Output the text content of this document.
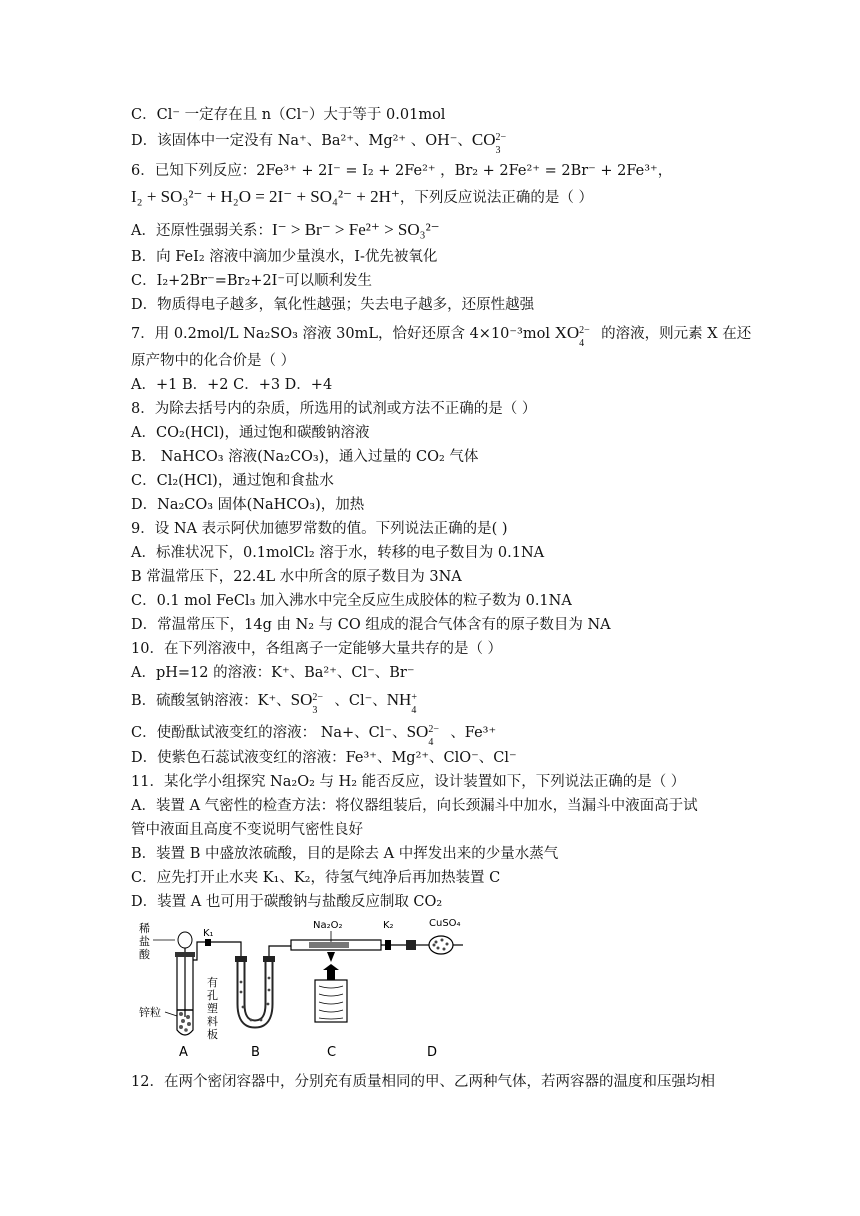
C．Cl⁻ 一定存在且 n（Cl⁻）大于等于 0.01mol
D．该固体中一定没有 Na⁺、Ba²⁺、Mg²⁺ 、OH⁻、CO 2−
3
6．已知下列反应：2Fe³⁺ + 2I⁻ = I₂ + 2Fe²⁺ ，Br₂ + 2Fe²⁺ = 2Br⁻ + 2Fe³⁺，
I₂ + SO₃²⁻ + H₂O = 2I⁻ + SO₄²⁻ + 2H⁺，下列反应说法正确的是（ ）
A．还原性强弱关系：I⁻ > Br⁻ > Fe²⁺ > SO₃²⁻
B．向 FeI₂ 溶液中滴加少量溴水，I-优先被氧化
C．I₂+2Br⁻=Br₂+2I⁻可以顺利发生
D．物质得电子越多，氧化性越强；失去电子越多，还原性越强
7．用 0.2mol/L Na₂SO₃ 溶液 30mL，恰好还原含 4×10⁻³mol XO 2−
4
的溶液，则元素 X 在还
原产物中的化合价是（ ）
A．+1 B．+2 C．+3 D．+4
8．为除去括号内的杂质，所选用的试剂或方法不正确的是（ ）
A．CO₂(HCl)，通过饱和碳酸钠溶液
B． NaHCO₃ 溶液(Na₂CO₃)，通入过量的 CO₂ 气体
C．Cl₂(HCl)，通过饱和食盐水
D．Na₂CO₃ 固体(NaHCO₃)，加热
9．设 NA 表示阿伏加德罗常数的值。下列说法正确的是( )
A．标准状况下，0.1molCl₂ 溶于水，转移的电子数目为 0.1NA
B 常温常压下，22.4L 水中所含的原子数目为 3NA
C．0.1 mol FeCl₃ 加入沸水中完全反应生成胶体的粒子数为 0.1NA
D．常温常压下，14g 由 N₂ 与 CO 组成的混合气体含有的原子数目为 NA
10．在下列溶液中，各组离子一定能够大量共存的是（ ）
A．pH=12 的溶液：K⁺、Ba²⁺、Cl⁻、Br⁻
B．硫酸氢钠溶液：K⁺、SO 2−
3
、Cl⁻、NH +
4
C．使酚酞试液变红的溶液： Na+、Cl⁻、SO 2−
4
、Fe³⁺
D．使紫色石蕊试液变红的溶液：Fe³⁺、Mg²⁺、ClO⁻、Cl⁻
11．某化学小组探究 Na₂O₂ 与 H₂ 能否反应，设计装置如下，下列说法正确的是（ ）
A．装置 A 气密性的检查方法：将仪器组装后，向长颈漏斗中加水，当漏斗中液面高于试
管中液面且高度不变说明气密性良好
B．装置 B 中盛放浓硫酸，目的是除去 A 中挥发出来的少量水蒸气
C．应先打开止水夹 K₁、K₂，待氢气纯净后再加热装置 C
D．装置 A 也可用于碳酸钠与盐酸反应制取 CO₂
稀
盐
酸
锌粒
有
孔
塑
料
板
K₁
Na₂O₂	K₂	CuSO₄
A	B	C	D
12．在两个密闭容器中，分别充有质量相同的甲、乙两种气体，若两容器的温度和压强均相
